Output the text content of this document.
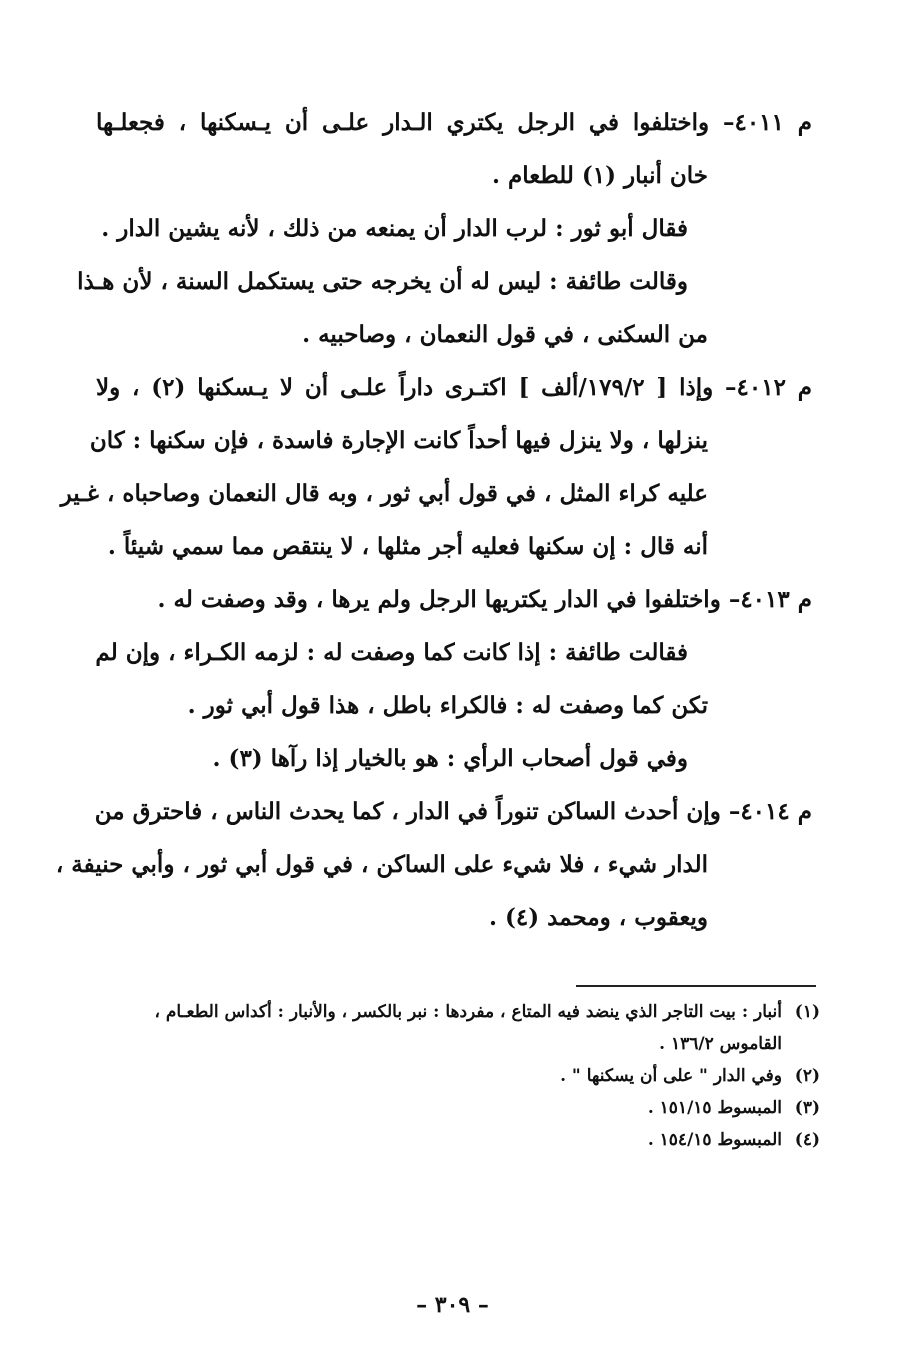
م ٤٠١١– واختلفوا في الرجل يكتري الـدار علـى أن يـسكنها ، فجعلـها
خان أنبار (١) للطعام .
فقال أبو ثور : لرب الدار أن يمنعه من ذلك ، لأنه يشين الدار .
وقالت طائفة : ليس له أن يخرجه حتى يستكمل السنة ، لأن هـذا
من السكنى ، في قول النعمان ، وصاحبيه .
م ٤٠١٢– وإذا [ ١٧٩/٢/ألف ] اكتـرى داراً علـى أن لا يـسكنها (٢) ، ولا
ينزلها ، ولا ينزل فيها أحداً كانت الإجارة فاسدة ، فإن سكنها : كان
عليه كراء المثل ، في قول أبي ثور ، وبه قال النعمان وصاحباه ، غـير
أنه قال : إن سكنها فعليه أجر مثلها ، لا ينتقص مما سمي شيئاً .
م ٤٠١٣– واختلفوا في الدار يكتريها الرجل ولم يرها ، وقد وصفت له .
فقالت طائفة : إذا كانت كما وصفت له : لزمه الكـراء ، وإن لم
تكن كما وصفت له : فالكراء باطل ، هذا قول أبي ثور .
وفي قول أصحاب الرأي : هو بالخيار إذا رآها (٣) .
م ٤٠١٤– وإن أحدث الساكن تنوراً في الدار ، كما يحدث الناس ، فاحترق من
الدار شيء ، فلا شيء على الساكن ، في قول أبي ثور ، وأبي حنيفة ،
ويعقوب ، ومحمد (٤) .
(١)
أنبار : بيت التاجر الذي ينضد فيه المتاع ، مفردها : نبر بالكسر ، والأنبار : أكداس الطعـام ،
القاموس ١٣٦/٢ .
(٢)
وفي الدار " على أن يسكنها " .
(٣)
المبسوط ١٥١/١٥ .
(٤)
المبسوط ١٥٤/١٥ .
– ٣٠٩ –
